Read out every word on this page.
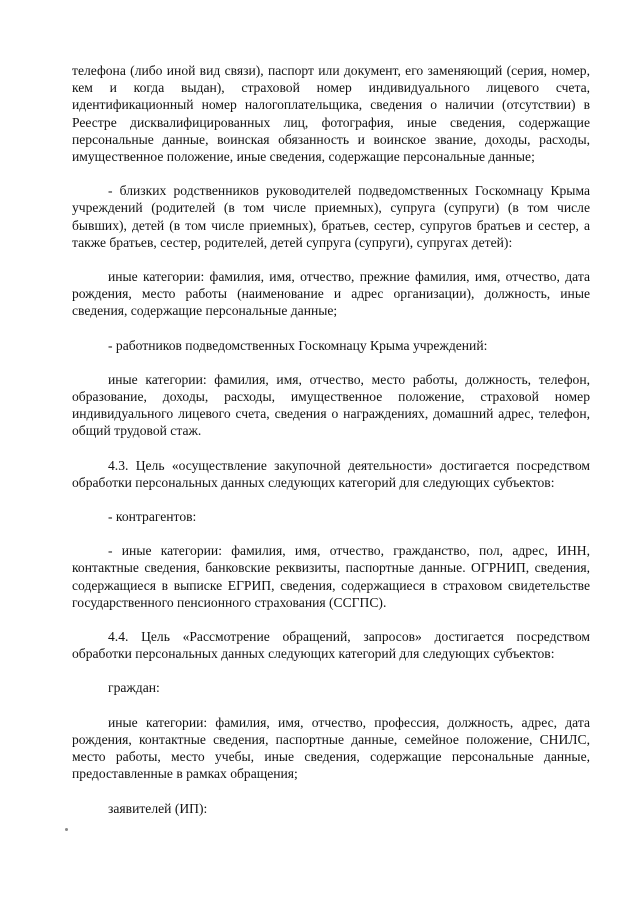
телефона (либо иной вид связи), паспорт или документ, его заменяющий (серия, номер, кем и когда выдан), страховой номер индивидуального лицевого счета, идентификационный номер налогоплательщика, сведения о наличии (отсутствии) в Реестре дисквалифицированных лиц, фотография, иные сведения, содержащие персональные данные, воинская обязанность и воинское звание, доходы, расходы, имущественное положение, иные сведения, содержащие персональные данные;

- близких родственников руководителей подведомственных Госкомнацу Крыма учреждений (родителей (в том числе приемных), супруга (супруги) (в том числе бывших), детей (в том числе приемных), братьев, сестер, супругов братьев и сестер, а также братьев, сестер, родителей, детей супруга (супруги), супругах детей):

иные категории: фамилия, имя, отчество, прежние фамилия, имя, отчество, дата рождения, место работы (наименование и адрес организации), должность, иные сведения, содержащие персональные данные;

- работников подведомственных Госкомнацу Крыма учреждений:

иные категории: фамилия, имя, отчество, место работы, должность, телефон, образование, доходы, расходы, имущественное положение, страховой номер индивидуального лицевого счета, сведения о награждениях, домашний адрес, телефон, общий трудовой стаж.

4.3. Цель «осуществление закупочной деятельности» достигается посредством обработки персональных данных следующих категорий для следующих субъектов:

- контрагентов:

- иные категории: фамилия, имя, отчество, гражданство, пол, адрес, ИНН, контактные сведения, банковские реквизиты, паспортные данные. ОГРНИП, сведения, содержащиеся в выписке ЕГРИП, сведения, содержащиеся в страховом свидетельстве государственного пенсионного страхования (ССГПС).

4.4. Цель «Рассмотрение обращений, запросов» достигается посредством обработки персональных данных следующих категорий для следующих субъектов:

граждан:

иные категории: фамилия, имя, отчество, профессия, должность, адрес, дата рождения, контактные сведения, паспортные данные, семейное положение, СНИЛС, место работы, место учебы, иные сведения, содержащие персональные данные, предоставленные в рамках обращения;

заявителей (ИП):
